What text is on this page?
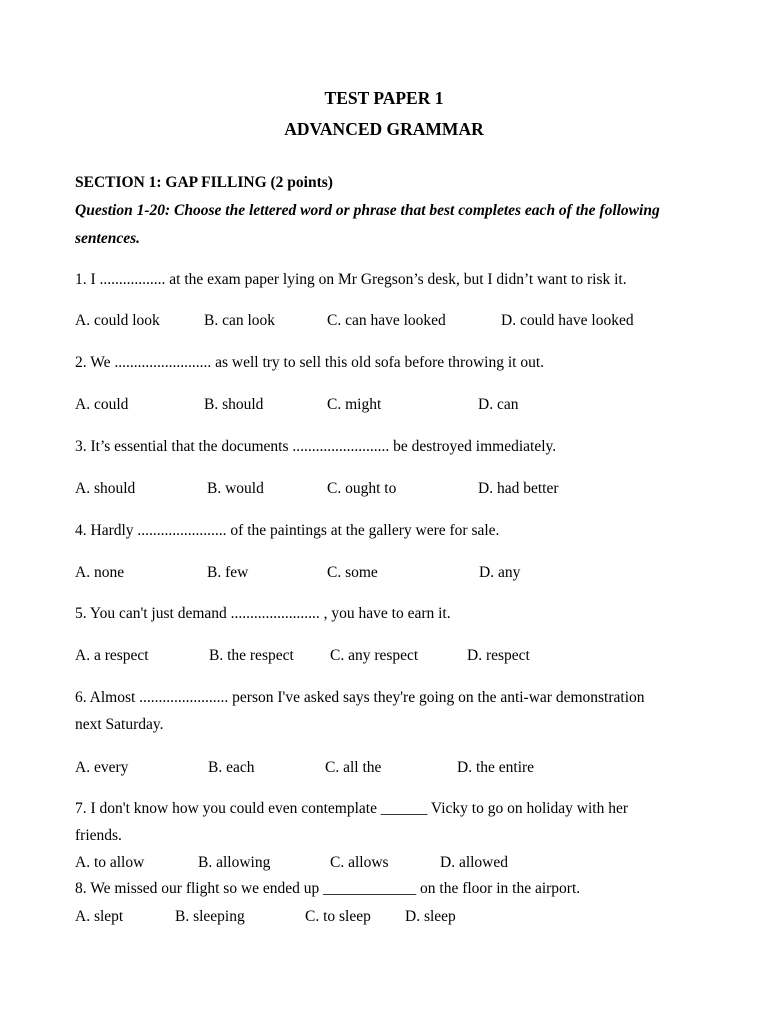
TEST PAPER 1
ADVANCED GRAMMAR
SECTION 1: GAP FILLING (2 points)
Question 1-20: Choose the lettered word or phrase that best completes each of the following
sentences.
1. I ................. at the exam paper lying on Mr Gregson’s desk, but I didn’t want to risk it.
A. could look	B. can look	C. can have looked	D. could have looked
2. We ......................... as well try to sell this old sofa before throwing it out.
A. could	B. should	C. might	D. can
3. It’s essential that the documents ......................... be destroyed immediately.
A. should	B. would	C. ought to	D. had better
4. Hardly ....................... of the paintings at the gallery were for sale.
A. none	B. few	C. some	D. any
5. You can't just demand ....................... , you have to earn it.
A. a respect	B. the respect C. any respect	D. respect
6. Almost ....................... person I've asked says they're going on the anti-war demonstration
next Saturday.
A. every	B. each	C. all the	D. the entire
7. I don't know how you could even contemplate ______ Vicky to go on holiday with her
friends.
A. to allow	B. allowing	C. allows	D. allowed
8. We missed our flight so we ended up ____________ on the floor in the airport.
A. slept	B. sleeping	C. to sleep D. sleep
